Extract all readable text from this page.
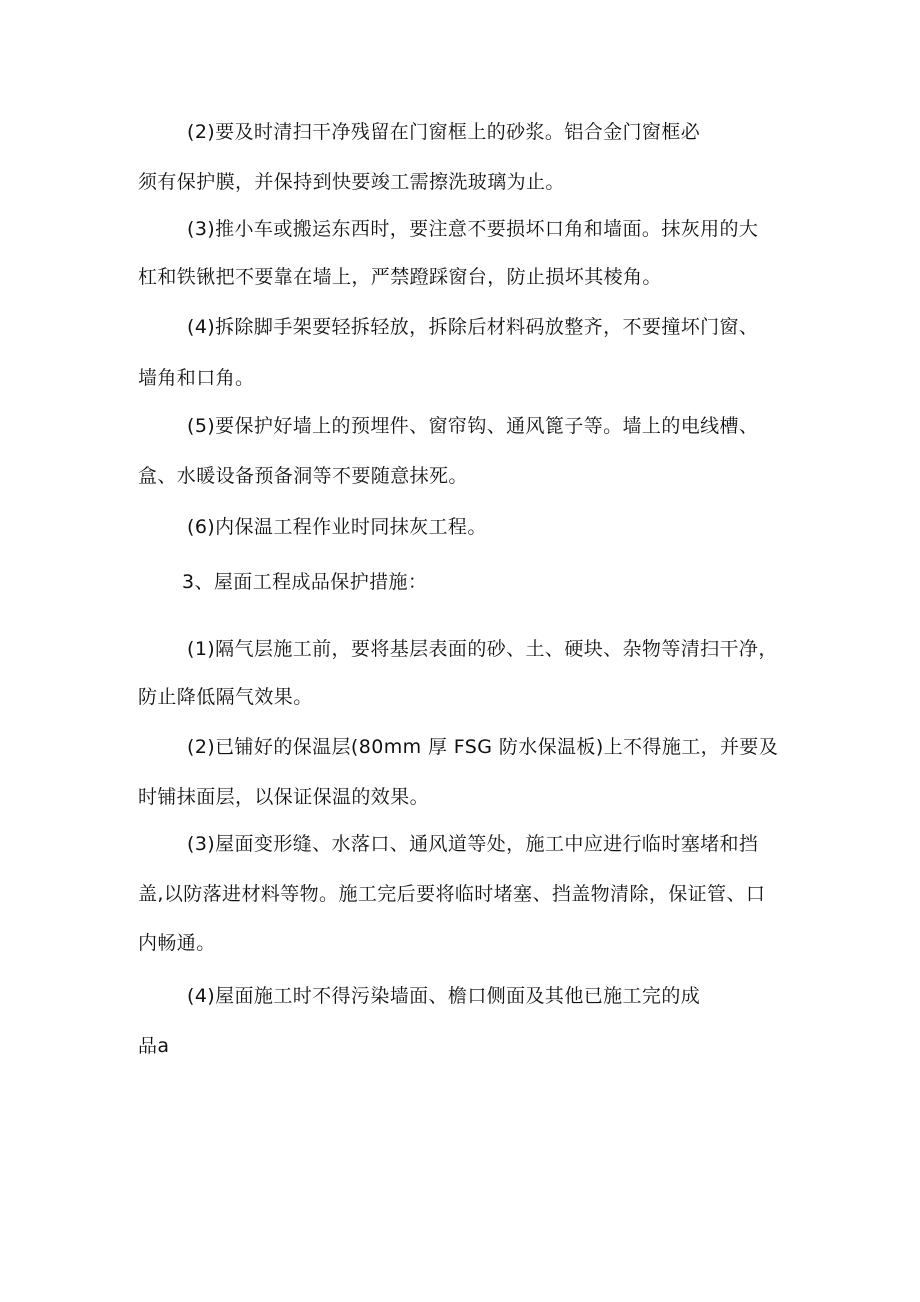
(2)要及时清扫干净残留在门窗框上的砂浆。铝合金门窗框必
须有保护膜，并保持到快要竣工需擦洗玻璃为止。
(3)推小车或搬运东西时，要注意不要损坏口角和墙面。抹灰用的大
杠和铁锹把不要靠在墙上，严禁蹬踩窗台，防止损坏其棱角。
(4)拆除脚手架要轻拆轻放，拆除后材料码放整齐，不要撞坏门窗、
墙角和口角。
(5)要保护好墙上的预埋件、窗帘钩、通风篦子等。墙上的电线槽、
盒、水暖设备预备洞等不要随意抹死。
(6)内保温工程作业时同抹灰工程。
3、屋面工程成品保护措施：
(1)隔气层施工前，要将基层表面的砂、土、硬块、杂物等清扫干净，
防止降低隔气效果。
(2)已铺好的保温层(80mm 厚 FSG 防水保温板)上不得施工，并要及
时铺抹面层，以保证保温的效果。
(3)屋面变形缝、水落口、通风道等处，施工中应进行临时塞堵和挡
盖,以防落进材料等物。施工完后要将临时堵塞、挡盖物清除，保证管、口
内畅通。
(4)屋面施工时不得污染墙面、檐口侧面及其他已施工完的成
品a
